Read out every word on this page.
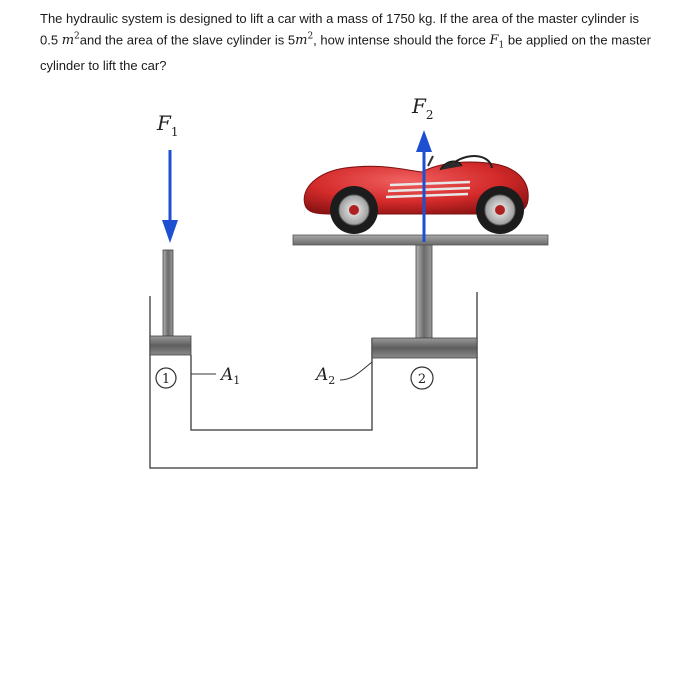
The hydraulic system is designed to lift a car with a mass of 1750 kg. If the area of the master cylinder is
0.5 $m^2and$ the area of the slave cylinder is $5m^2$, how intense should the force $F_1$ be applied on the master
cylinder to lift the car?
$F_1$
$F_2$
$A_1$	$A_2$
1	2
